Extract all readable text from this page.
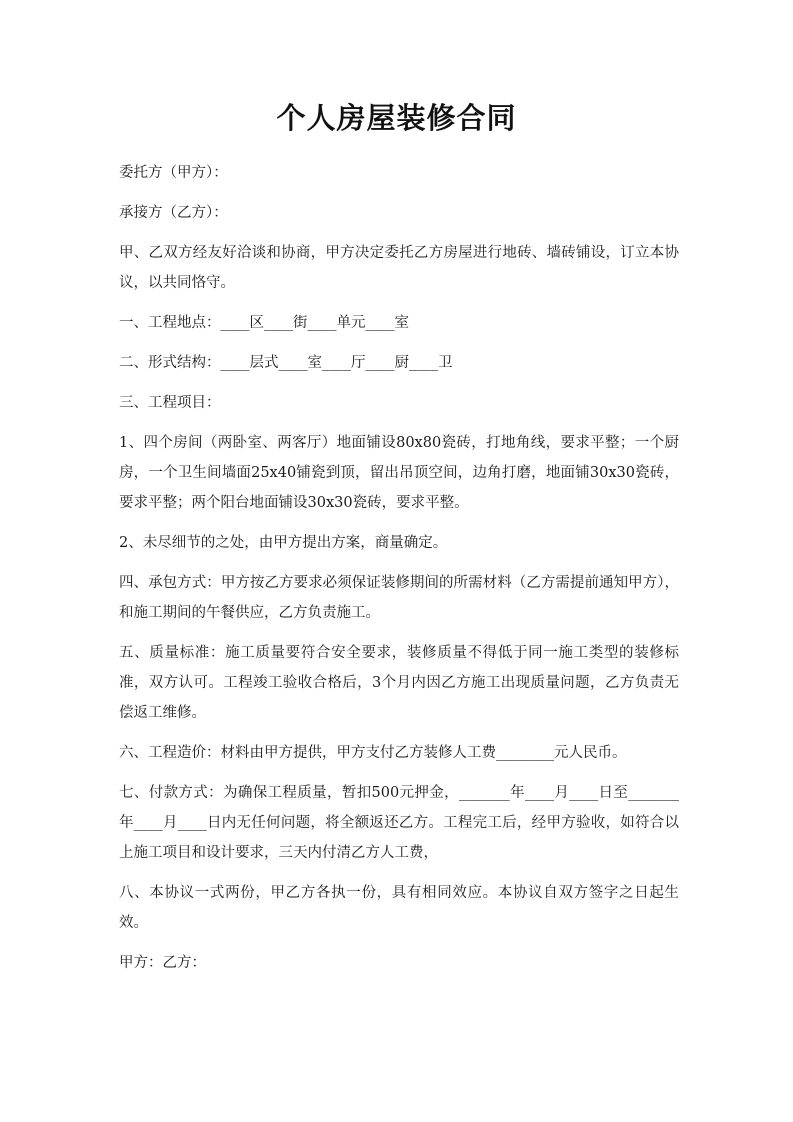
个人房屋装修合同

委托方（甲方）：

承接方（乙方）：

甲、乙双方经友好洽谈和协商，甲方决定委托乙方房屋进行地砖、墙砖铺设，订立本协议，以共同恪守。

一、工程地点：____区____街____单元____室

二、形式结构：____层式____室____厅____厨____卫

三、工程项目：

1、四个房间（两卧室、两客厅）地面铺设80x80瓷砖，打地角线，要求平整；一个厨房，一个卫生间墙面25x40铺瓷到顶，留出吊顶空间，边角打磨，地面铺30x30瓷砖，要求平整；两个阳台地面铺设30x30瓷砖，要求平整。

2、未尽细节的之处，由甲方提出方案，商量确定。

四、承包方式：甲方按乙方要求必须保证装修期间的所需材料（乙方需提前通知甲方），和施工期间的午餐供应，乙方负责施工。

五、质量标准：施工质量要符合安全要求，装修质量不得低于同一施工类型的装修标准，双方认可。工程竣工验收合格后，3个月内因乙方施工出现质量问题，乙方负责无偿返工维修。

六、工程造价：材料由甲方提供，甲方支付乙方装修人工费________元人民币。

七、付款方式：为确保工程质量，暂扣500元押金，_______年____月____日至_______年____月____日内无任何问题，将全额返还乙方。工程完工后，经甲方验收，如符合以上施工项目和设计要求，三天内付清乙方人工费，

八、本协议一式两份，甲乙方各执一份，具有相同效应。本协议自双方签字之日起生效。

甲方：乙方：
